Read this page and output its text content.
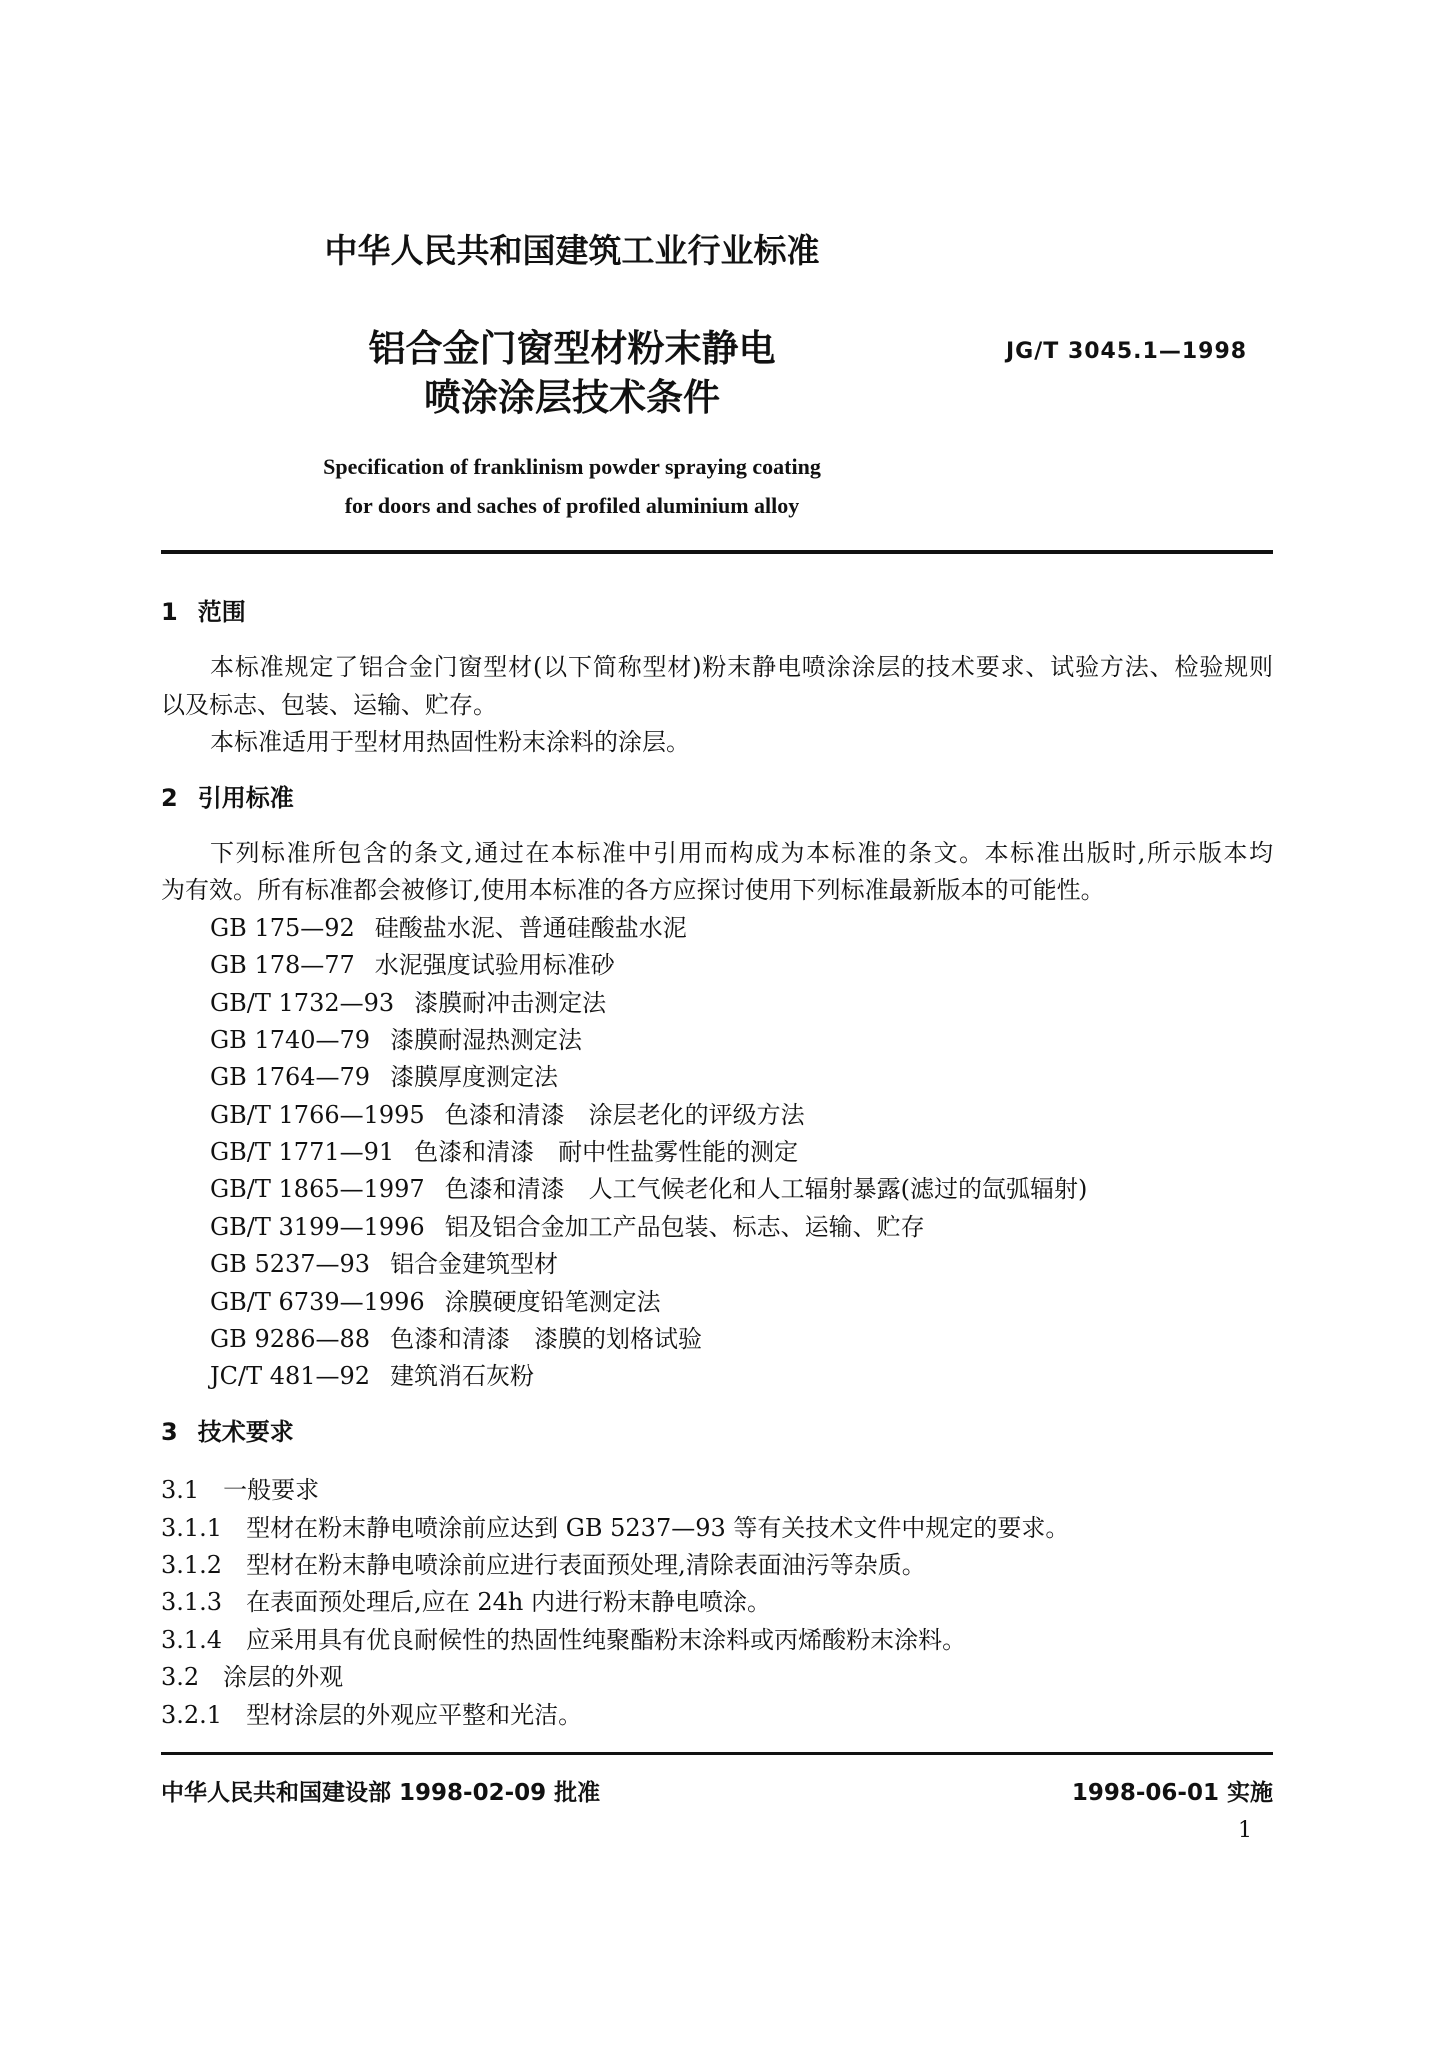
中华人民共和国建筑工业行业标准
铝合金门窗型材粉末静电
喷涂涂层技术条件
JG/T 3045.1—1998
Specification of franklinism powder spraying coating
for doors and saches of profiled aluminium alloy
1 范围
本标准规定了铝合金门窗型材(以下简称型材)粉末静电喷涂涂层的技术要求、试验方法、检验规则
以及标志、包装、运输、贮存。
本标准适用于型材用热固性粉末涂料的涂层。
2 引用标准
下列标准所包含的条文,通过在本标准中引用而构成为本标准的条文。本标准出版时,所示版本均
为有效。所有标准都会被修订,使用本标准的各方应探讨使用下列标准最新版本的可能性。
GB 175—92 硅酸盐水泥、普通硅酸盐水泥
GB 178—77 水泥强度试验用标准砂
GB/T 1732—93 漆膜耐冲击测定法
GB 1740—79 漆膜耐湿热测定法
GB 1764—79 漆膜厚度测定法
GB/T 1766—1995 色漆和清漆　涂层老化的评级方法
GB/T 1771—91 色漆和清漆　耐中性盐雾性能的测定
GB/T 1865—1997 色漆和清漆　人工气候老化和人工辐射暴露(滤过的氙弧辐射)
GB/T 3199—1996 铝及铝合金加工产品包装、标志、运输、贮存
GB 5237—93 铝合金建筑型材
GB/T 6739—1996 涂膜硬度铅笔测定法
GB 9286—88 色漆和清漆　漆膜的划格试验
JC/T 481—92 建筑消石灰粉
3 技术要求
3.1 一般要求
3.1.1 型材在粉末静电喷涂前应达到 GB 5237—93 等有关技术文件中规定的要求。
3.1.2 型材在粉末静电喷涂前应进行表面预处理,清除表面油污等杂质。
3.1.3 在表面预处理后,应在 24h 内进行粉末静电喷涂。
3.1.4 应采用具有优良耐候性的热固性纯聚酯粉末涂料或丙烯酸粉末涂料。
3.2 涂层的外观
3.2.1 型材涂层的外观应平整和光洁。
中华人民共和国建设部 1998-02-09 批准	1998-06-01 实施
1
